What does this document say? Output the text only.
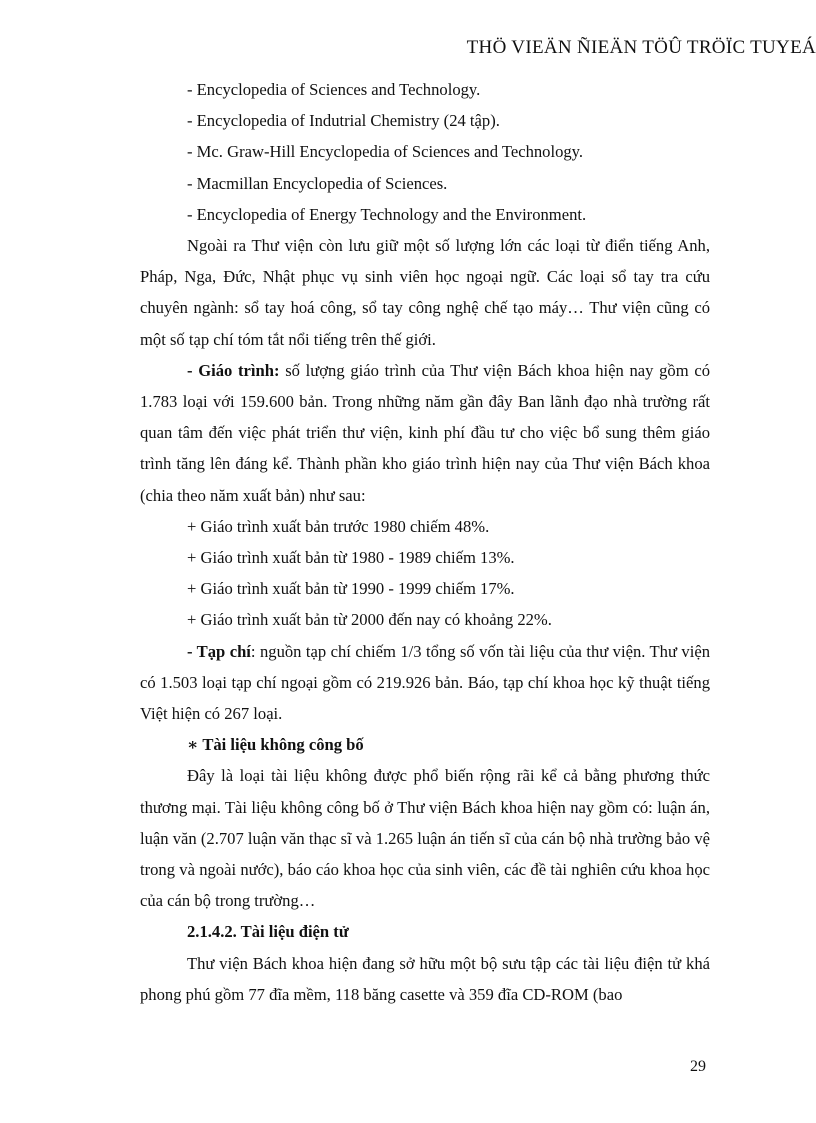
THÖ VIEÄN ÑIEÄN TÖÛ TRÖÏC TUYEÁ

- Encyclopedia of Sciences and Technology.

- Encyclopedia of Indutrial Chemistry (24 tập).

- Mc. Graw-Hill Encyclopedia of Sciences and Technology.

- Macmillan Encyclopedia of Sciences.

- Encyclopedia of Energy Technology and the Environment.

Ngoài ra Thư viện còn lưu giữ một số lượng lớn các loại từ điển tiếng Anh, Pháp, Nga, Đức, Nhật phục vụ sinh viên học ngoại ngữ. Các loại sổ tay tra cứu chuyên ngành: sổ tay hoá công, sổ tay công nghệ chế tạo máy… Thư viện cũng có một số tạp chí tóm tắt nổi tiếng trên thế giới.

- Giáo trình: số lượng giáo trình của Thư viện Bách khoa hiện nay gồm có 1.783 loại với 159.600 bản. Trong những năm gần đây Ban lãnh đạo nhà trường rất quan tâm đến việc phát triển thư viện, kinh phí đầu tư cho việc bổ sung thêm giáo trình tăng lên đáng kể. Thành phần kho giáo trình hiện nay của Thư viện Bách khoa (chia theo năm xuất bản) như sau:

+ Giáo trình xuất bản trước 1980 chiếm 48%.

+ Giáo trình xuất bản từ 1980 - 1989 chiếm 13%.

+ Giáo trình xuất bản từ 1990 - 1999 chiếm 17%.

+ Giáo trình xuất bản từ 2000 đến nay có khoảng 22%.

- Tạp chí: nguồn tạp chí chiếm 1/3 tổng số vốn tài liệu của thư viện. Thư viện có 1.503 loại tạp chí ngoại gồm có 219.926 bản. Báo, tạp chí khoa học kỹ thuật tiếng Việt hiện có 267 loại.

∗ Tài liệu không công bố

Đây là loại tài liệu không được phổ biến rộng rãi kể cả bằng phương thức thương mại. Tài liệu không công bố ở Thư viện Bách khoa hiện nay gồm có: luận án, luận văn (2.707 luận văn thạc sĩ và 1.265 luận án tiến sĩ của cán bộ nhà trường bảo vệ trong và ngoài nước), báo cáo khoa học của sinh viên, các đề tài nghiên cứu khoa học của cán bộ trong trường…

2.1.4.2. Tài liệu điện tử

Thư viện Bách khoa hiện đang sở hữu một bộ sưu tập các tài liệu điện tử khá phong phú gồm 77 đĩa mềm, 118 băng casette và 359 đĩa CD-ROM (bao

29
